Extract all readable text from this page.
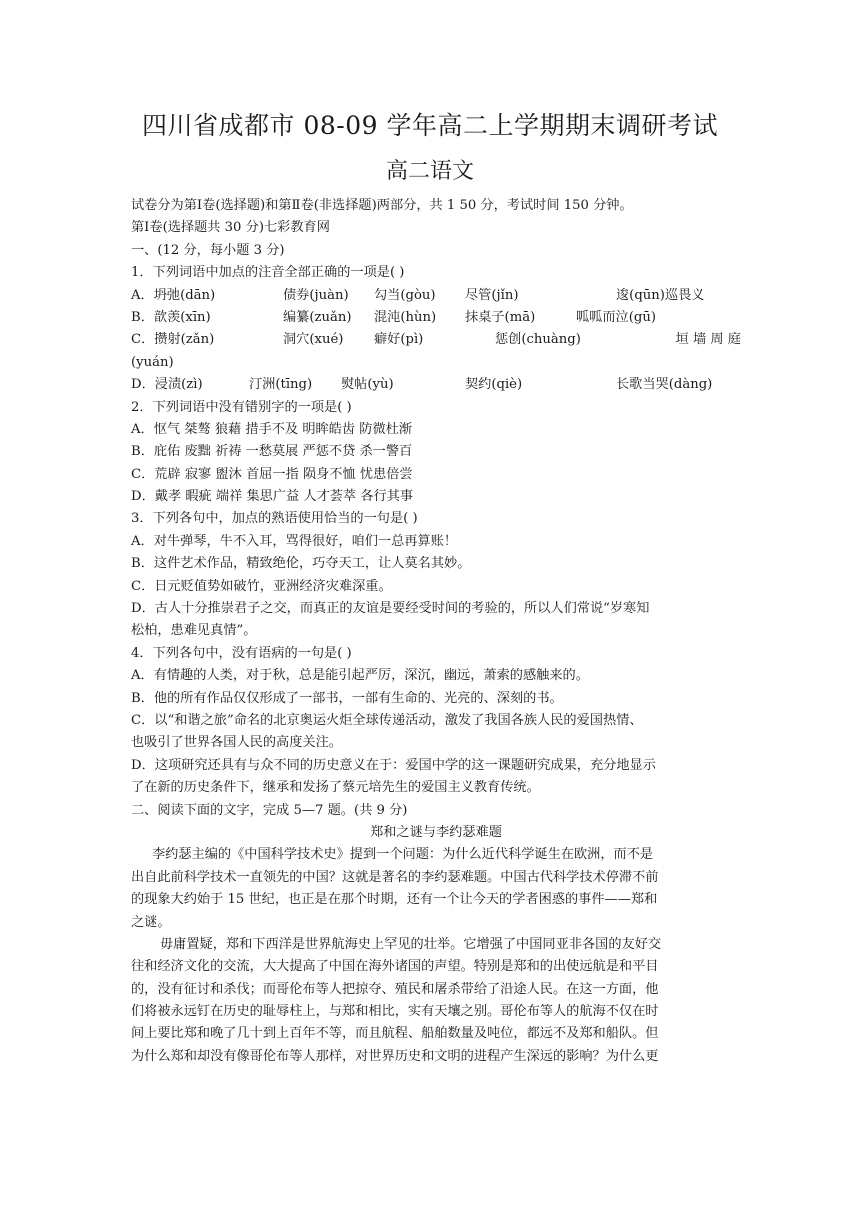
四川省成都市 08-09 学年高二上学期期末调研考试
高二语文
试卷分为第Ⅰ卷(选择题)和第Ⅱ卷(非选择题)两部分，共 1 50 分，考试时间 150 分钟。
第Ⅰ卷(选择题共 30 分)七彩教育网
一、(12 分，每小题 3 分)
1．下列词语中加点的注音全部正确的一项是( )
A．坍弛(dān)	债券(juàn) 勾当(gòu) 尽管(jǐn)	逡(qūn)巡畏义
B．歆羡(xīn)	编纂(zuǎn) 混沌(hùn) 抹桌子(mā)	呱呱而泣(gū)
C．攒射(zǎn)	洞穴(xué) 癖好(pì)	惩创(chuàng)	垣 墙 周 庭
(yuán)
D．浸渍(zì)	汀洲(tīng) 熨帖(yù)	契约(qiè)	长歌当哭(dàng)
2．下列词语中没有错别字的一项是( )
A．怄气 桀骜 狼藉 措手不及 明眸皓齿 防微杜渐
B．庇佑 废黜 祈祷 一愁莫展 严惩不贷 杀一警百
C．荒辟 寂寥 盥沐 首屈一指 陨身不恤 忧患倍尝
D．戴孝 暇疵 端祥 集思广益 人才荟萃 各行其事
3．下列各句中，加点的熟语使用恰当的一句是( )
A．对牛弹琴，牛不入耳，骂得很好，咱们一总再算账！
B．这件艺术作品，精致绝伦，巧夺天工，让人莫名其妙。
C．日元贬值势如破竹，亚洲经济灾难深重。
D．古人十分推崇君子之交，而真正的友谊是要经受时间的考验的，所以人们常说“岁寒知
松柏，患难见真情”。
4．下列各句中，没有语病的一句是( )
A．有情趣的人类，对于秋，总是能引起严厉，深沉，幽远，萧索的感触来的。
B．他的所有作品仅仅形成了一部书，一部有生命的、光亮的、深刻的书。
C．以“和谐之旅”命名的北京奥运火炬全球传递活动，激发了我国各族人民的爱国热情、
也吸引了世界各国人民的高度关注。
D．这项研究还具有与众不同的历史意义在于：爱国中学的这一课题研究成果，充分地显示
了在新的历史条件下，继承和发扬了蔡元培先生的爱国主义教育传统。
二、阅读下面的文字，完成 5—7 题。(共 9 分)
郑和之谜与李约瑟难题
李约瑟主编的《中国科学技术史》提到一个问题：为什么近代科学诞生在欧洲，而不是
出自此前科学技术一直领先的中国？这就是著名的李约瑟难题。中国古代科学技术停滞不前
的现象大约始于 15 世纪，也正是在那个时期，还有一个让今天的学者困惑的事件——郑和
之谜。
毋庸置疑，郑和下西洋是世界航海史上罕见的壮举。它增强了中国同亚非各国的友好交
往和经济文化的交流，大大提高了中国在海外诸国的声望。特别是郑和的出使远航是和平目
的，没有征讨和杀伐；而哥伦布等人把掠夺、殖民和屠杀带给了沿途人民。在这一方面，他
们将被永远钉在历史的耻辱柱上，与郑和相比，实有天壤之别。哥伦布等人的航海不仅在时
间上要比郑和晚了几十到上百年不等，而且航程、船舶数量及吨位，都远不及郑和船队。但
为什么郑和却没有像哥伦布等人那样，对世界历史和文明的进程产生深远的影响？为什么更
